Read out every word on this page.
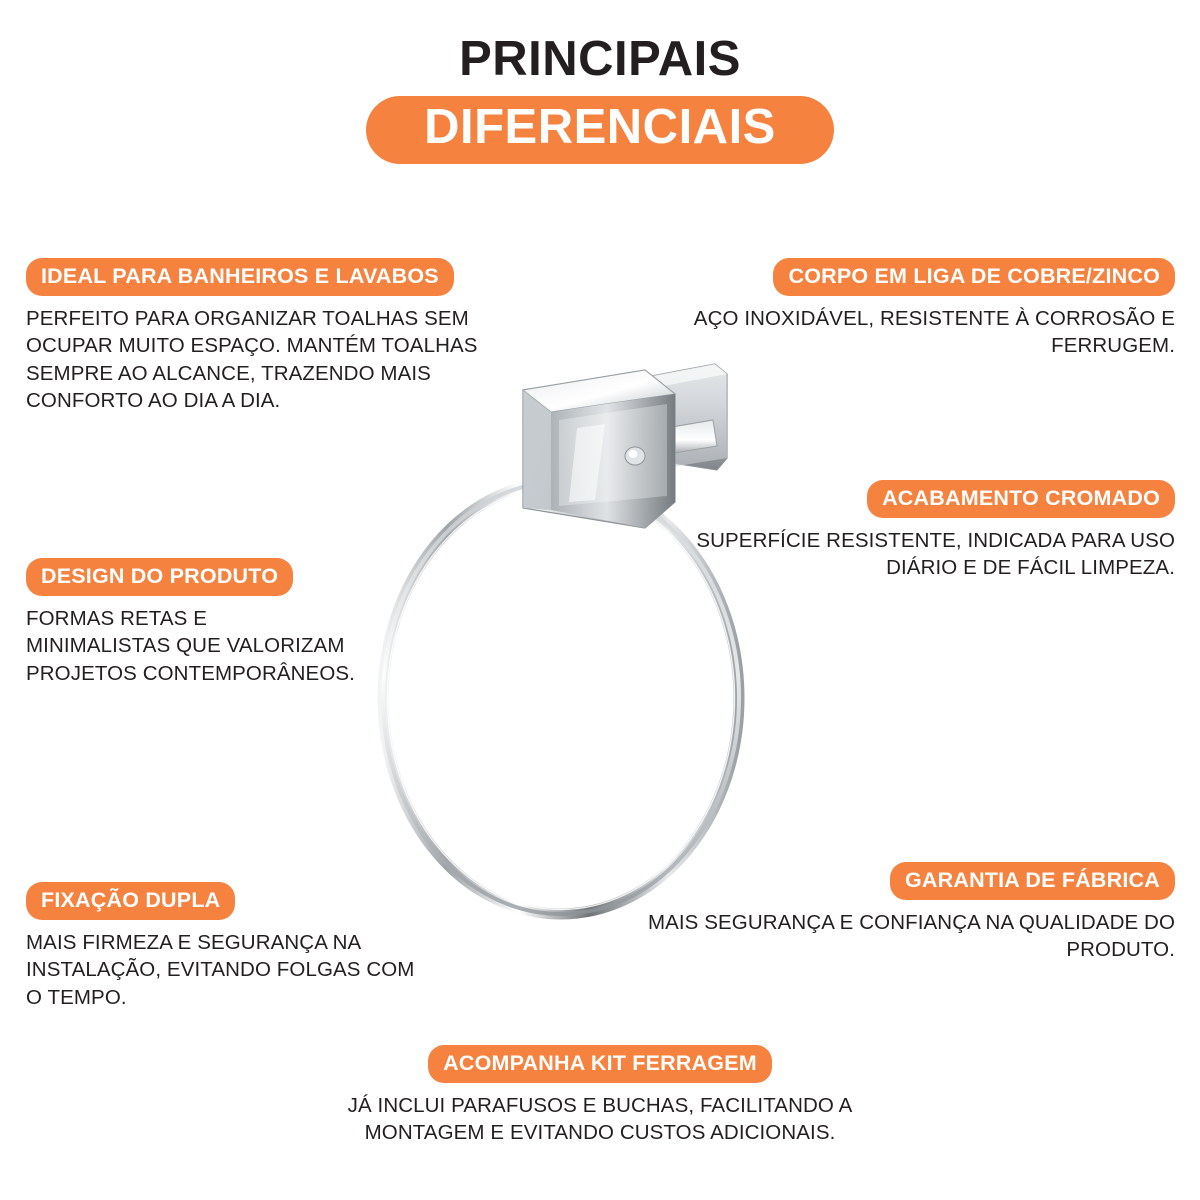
PRINCIPAIS
DIFERENCIAIS
IDEAL PARA BANHEIROS E LAVABOS
PERFEITO PARA ORGANIZAR TOALHAS SEM OCUPAR MUITO ESPAÇO. MANTÉM TOALHAS SEMPRE AO ALCANCE, TRAZENDO MAIS CONFORTO AO DIA A DIA.
CORPO EM LIGA DE COBRE/ZINCO
AÇO INOXIDÁVEL, RESISTENTE À CORROSÃO E FERRUGEM.
DESIGN DO PRODUTO
FORMAS RETAS E MINIMALISTAS QUE VALORIZAM PROJETOS CONTEMPORÂNEOS.
ACABAMENTO CROMADO
SUPERFÍCIE RESISTENTE, INDICADA PARA USO DIÁRIO E DE FÁCIL LIMPEZA.
FIXAÇÃO DUPLA
MAIS FIRMEZA E SEGURANÇA NA INSTALAÇÃO, EVITANDO FOLGAS COM O TEMPO.
GARANTIA DE FÁBRICA
MAIS SEGURANÇA E CONFIANÇA NA QUALIDADE DO PRODUTO.
ACOMPANHA KIT FERRAGEM
JÁ INCLUI PARAFUSOS E BUCHAS, FACILITANDO A MONTAGEM E EVITANDO CUSTOS ADICIONAIS.
